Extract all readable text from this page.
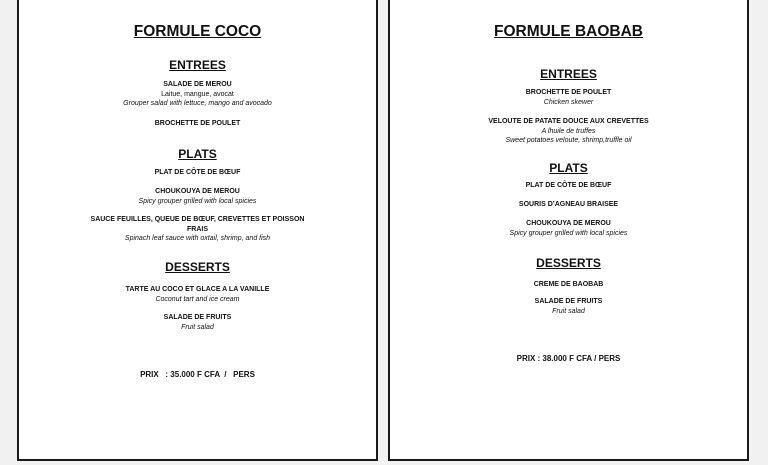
FORMULE COCO
ENTREES
SALADE DE MEROU
Laitue, mangue, avocat
Grouper salad with lettuce, mango and avocado
BROCHETTE DE POULET
PLATS
PLAT DE CÔTE DE BŒUF
CHOUKOUYA DE MEROU
Spicy grouper grilled with local spicies
SAUCE FEUILLES, QUEUE DE BŒUF, CREVETTES ET POISSON
FRAIS
Spinach leaf sauce with oxtail, shrimp, and fish
DESSERTS
TARTE AU COCO ET GLACE A LA VANILLE
Coconut tart and ice cream
SALADE DE FRUITS
Fruit salad
PRIX   : 35.000 F CFA  /   PERS
FORMULE BAOBAB
ENTREES
BROCHETTE DE POULET
Chicken skewer
VELOUTE DE PATATE DOUCE AUX CREVETTES
A lhuile de truffes
Sweet potatoes veloute, shrimp,truffle oil
PLATS
PLAT DE CÔTE DE BŒUF
SOURIS D’AGNEAU BRAISEE
CHOUKOUYA DE MEROU
Spicy grouper grilled with local spicies
DESSERTS
CREME DE BAOBAB
SALADE DE FRUITS
Fruit salad
PRIX : 38.000 F CFA / PERS
